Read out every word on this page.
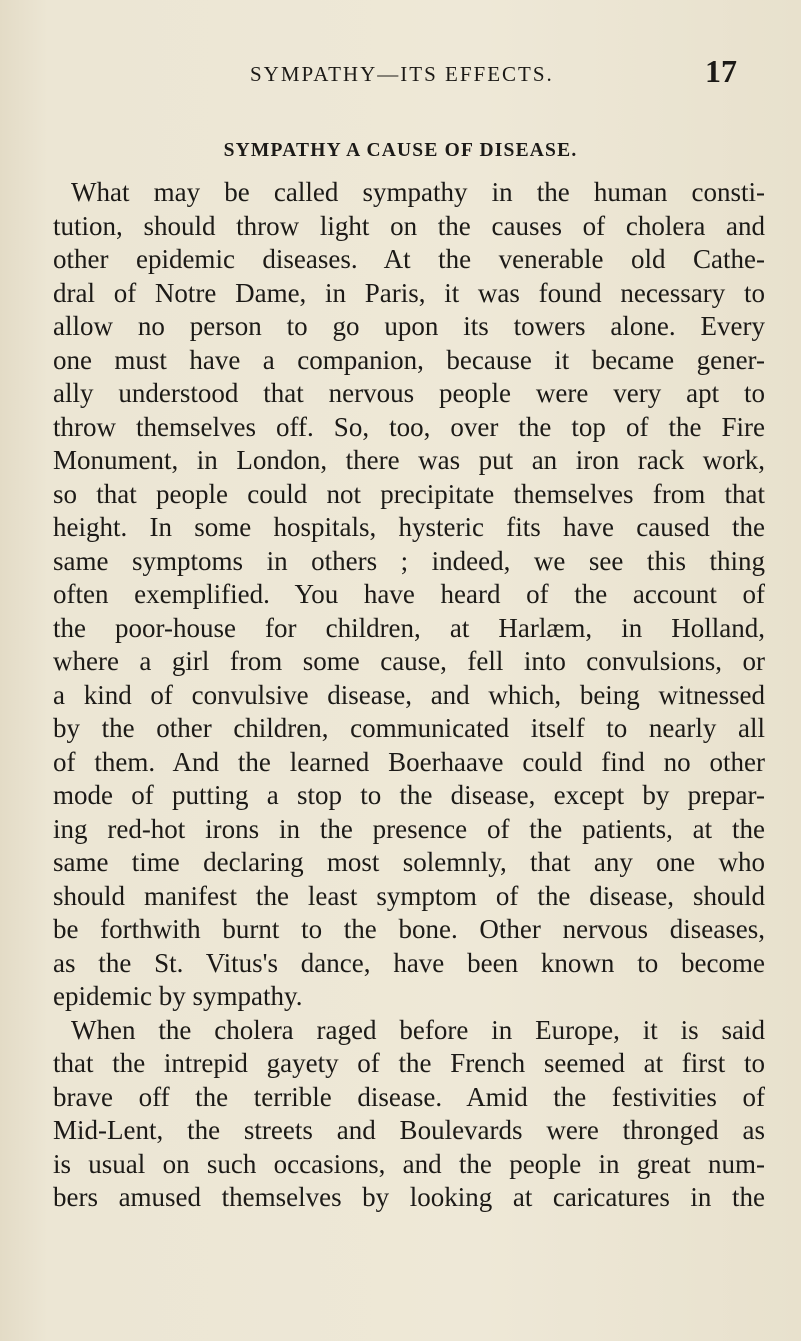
SYMPATHY—ITS EFFECTS.	17
SYMPATHY A CAUSE OF DISEASE.
What may be called sympathy in the human consti-
tution, should throw light on the causes of cholera and
other epidemic diseases. At the venerable old Cathe-
dral of Notre Dame, in Paris, it was found necessary to
allow no person to go upon its towers alone. Every
one must have a companion, because it became gener-
ally understood that nervous people were very apt to
throw themselves off. So, too, over the top of the Fire
Monument, in London, there was put an iron rack work,
so that people could not precipitate themselves from that
height. In some hospitals, hysteric fits have caused the
same symptoms in others ; indeed, we see this thing
often exemplified. You have heard of the account of
the poor-house for children, at Harlæm, in Holland,
where a girl from some cause, fell into convulsions, or
a kind of convulsive disease, and which, being witnessed
by the other children, communicated itself to nearly all
of them. And the learned Boerhaave could find no other
mode of putting a stop to the disease, except by prepar-
ing red-hot irons in the presence of the patients, at the
same time declaring most solemnly, that any one who
should manifest the least symptom of the disease, should
be forthwith burnt to the bone. Other nervous diseases,
as the St. Vitus's dance, have been known to become
epidemic by sympathy.
When the cholera raged before in Europe, it is said
that the intrepid gayety of the French seemed at first to
brave off the terrible disease. Amid the festivities of
Mid-Lent, the streets and Boulevards were thronged as
is usual on such occasions, and the people in great num-
bers amused themselves by looking at caricatures in the
